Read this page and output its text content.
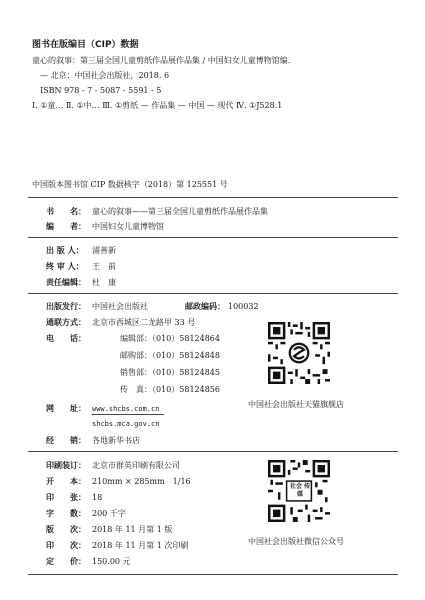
图书在版编目（CIP）数据
童心的叙事：第三届全国儿童剪纸作品展作品集 / 中国妇女儿童博物馆编.
— 北京：中国社会出版社，2018. 6
ISBN 978 - 7 - 5087 - 5591 - 5
Ⅰ. ①童… Ⅱ. ①中… Ⅲ. ①剪纸 — 作品集 — 中国 — 现代 Ⅳ. ①J528.1
中国版本图书馆 CIP 数据核字（2018）第 125551 号
书　　名： 童心的叙事——第三届全国儿童剪纸作品展作品集
编　　者： 中国妇女儿童博物馆
出 版 人： 浦善新
终 审 人： 王　前
责任编辑： 杜　康
出版发行： 中国社会出版社	邮政编码： 100032
通联方式： 北京市西城区二龙路甲 33 号
电　　话：	编辑部：（010）58124864
邮购部：（010）58124848
销售部：（010）58124845
传　真：（010）58124856
网　　址： www.shcbs.com.cn
shcbs.mca.gov.cn
经　　销： 各地新华书店
中国社会出版社天猫旗舰店
印刷装订： 北京市群英印刷有限公司
开　　本： 210mm × 285mm　1/16
印　　张： 18
字　　数： 200 千字
版　　次： 2018 年 11 月第 1 版
印　　次： 2018 年 11 月第 1 次印刷
定　　价： 150.00 元
社会 传媒
中国社会出版社微信公众号
